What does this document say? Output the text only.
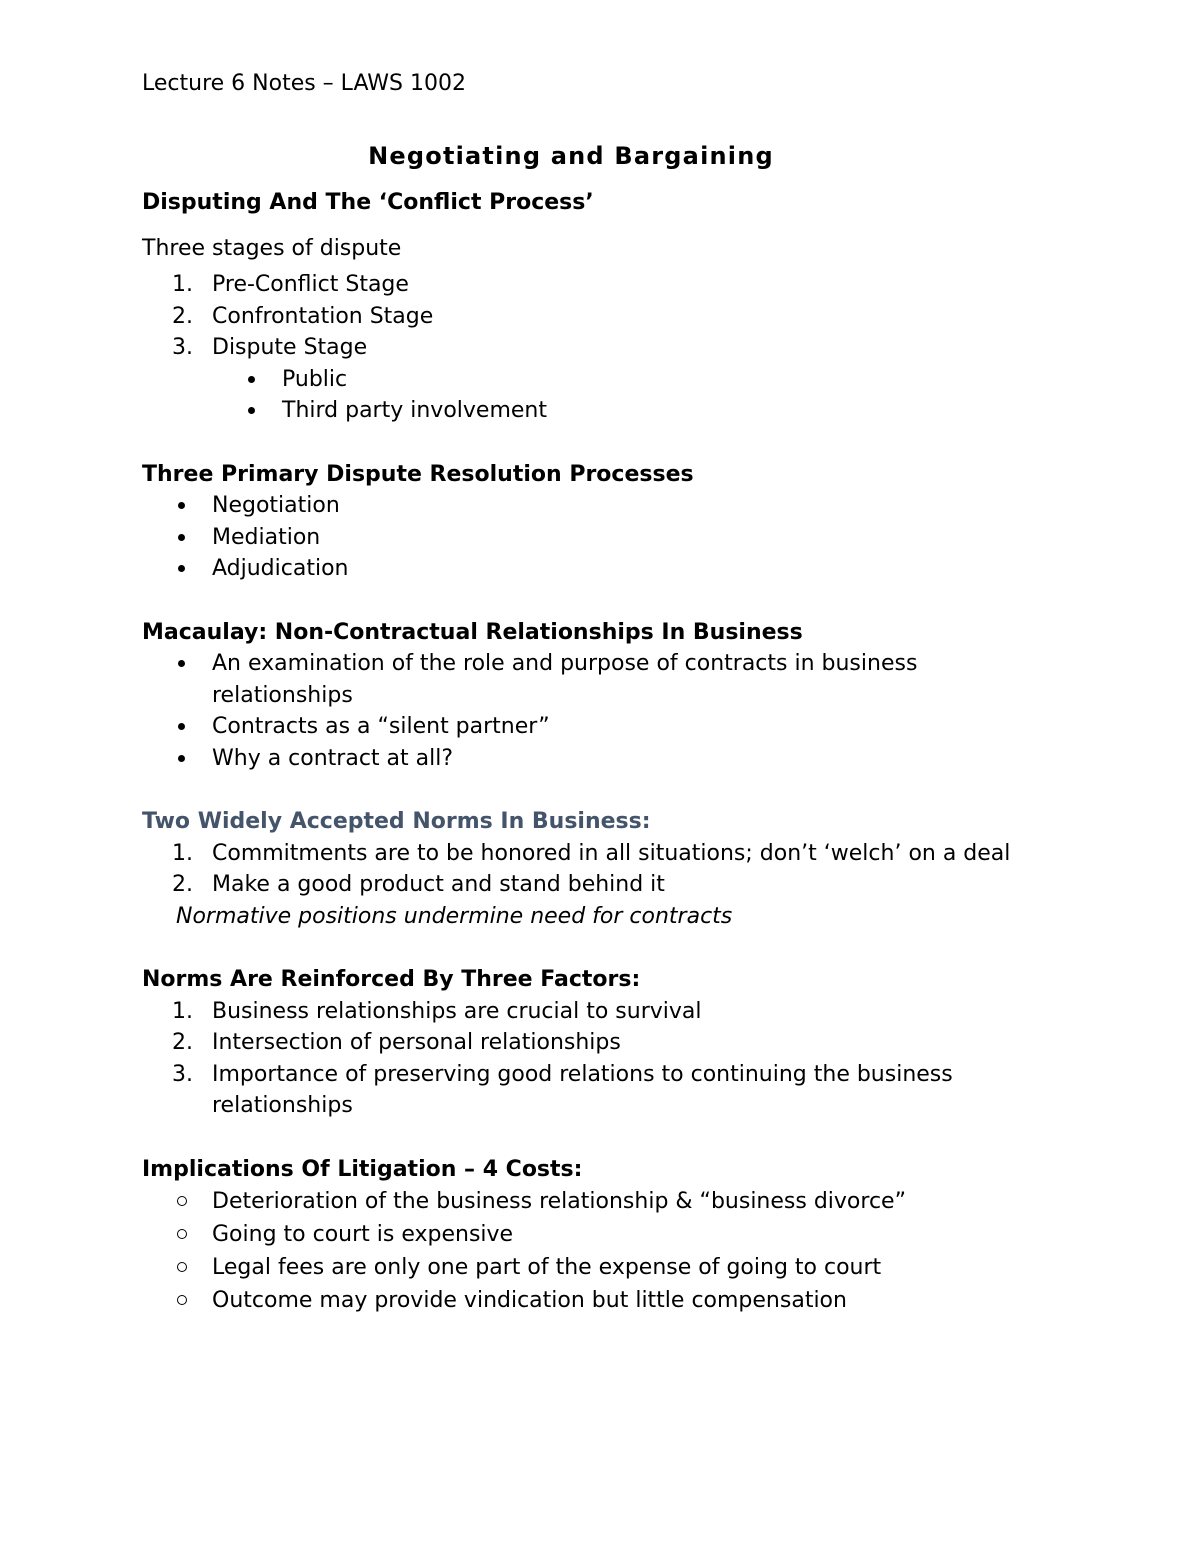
Lecture 6 Notes – LAWS 1002

Negotiating and Bargaining
Disputing And The ‘Conflict Process’

Three stages of dispute

1. Pre-Conflict Stage
2. Confrontation Stage
3. Dispute Stage
Public
Third party involvement
Three Primary Dispute Resolution Processes
Negotiation
Mediation
Adjudication
Macaulay: Non-Contractual Relationships In Business
An examination of the role and purpose of contracts in business relationships
Contracts as a “silent partner”
Why a contract at all?
Two Widely Accepted Norms In Business:
1. Commitments are to be honored in all situations; don’t ‘welch’ on a deal
2. Make a good product and stand behind it

Normative positions undermine need for contracts

Norms Are Reinforced By Three Factors:
1. Business relationships are crucial to survival
2. Intersection of personal relationships
3. Importance of preserving good relations to continuing the business relationships
Implications Of Litigation – 4 Costs:
Deterioration of the business relationship & “business divorce”
Going to court is expensive
Legal fees are only one part of the expense of going to court
Outcome may provide vindication but little compensation
